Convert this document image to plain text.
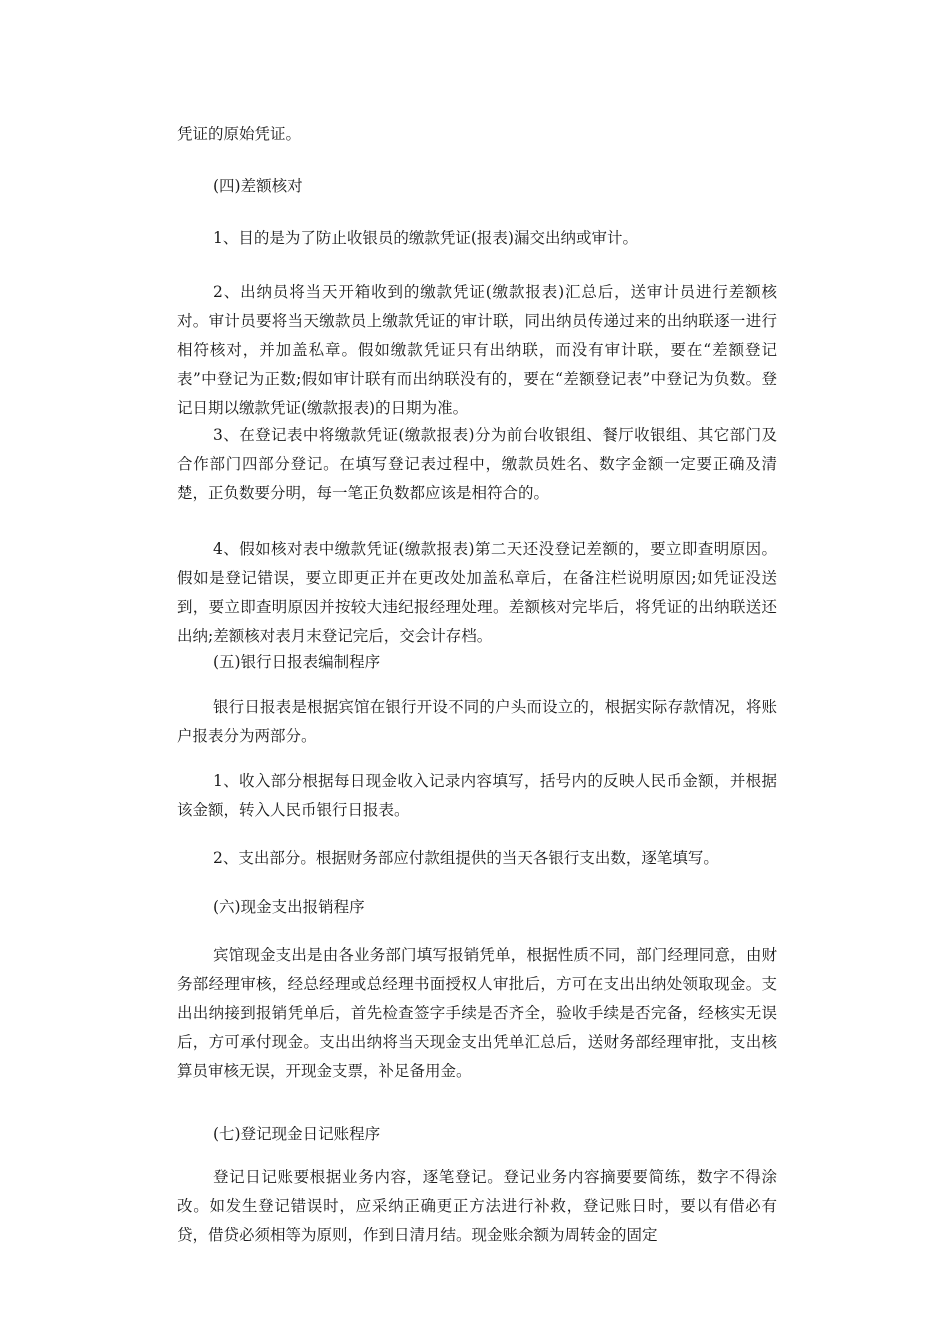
凭证的原始凭证。

(四)差额核对

1、目的是为了防止收银员的缴款凭证(报表)漏交出纳或审计。

2、出纳员将当天开箱收到的缴款凭证(缴款报表)汇总后，送审计员进行差额核对。审计员要将当天缴款员上缴款凭证的审计联，同出纳员传递过来的出纳联逐一进行相符核对，并加盖私章。假如缴款凭证只有出纳联，而没有审计联，要在“差额登记表”中登记为正数;假如审计联有而出纳联没有的，要在“差额登记表”中登记为负数。登记日期以缴款凭证(缴款报表)的日期为准。

3、在登记表中将缴款凭证(缴款报表)分为前台收银组、餐厅收银组、其它部门及合作部门四部分登记。在填写登记表过程中，缴款员姓名、数字金额一定要正确及清楚，正负数要分明，每一笔正负数都应该是相符合的。

4、假如核对表中缴款凭证(缴款报表)第二天还没登记差额的，要立即查明原因。假如是登记错误，要立即更正并在更改处加盖私章后，在备注栏说明原因;如凭证没送到，要立即查明原因并按较大违纪报经理处理。差额核对完毕后，将凭证的出纳联送还出纳;差额核对表月末登记完后，交会计存档。

(五)银行日报表编制程序

银行日报表是根据宾馆在银行开设不同的户头而设立的，根据实际存款情况，将账户报表分为两部分。

1、收入部分根据每日现金收入记录内容填写，括号内的反映人民币金额，并根据该金额，转入人民币银行日报表。

2、支出部分。根据财务部应付款组提供的当天各银行支出数，逐笔填写。

(六)现金支出报销程序

宾馆现金支出是由各业务部门填写报销凭单，根据性质不同，部门经理同意，由财务部经理审核，经总经理或总经理书面授权人审批后，方可在支出出纳处领取现金。支出出纳接到报销凭单后，首先检查签字手续是否齐全，验收手续是否完备，经核实无误后，方可承付现金。支出出纳将当天现金支出凭单汇总后，送财务部经理审批，支出核算员审核无误，开现金支票，补足备用金。

(七)登记现金日记账程序

登记日记账要根据业务内容，逐笔登记。登记业务内容摘要要简练，数字不得涂改。如发生登记错误时，应采纳正确更正方法进行补救，登记账日时，要以有借必有贷，借贷必须相等为原则，作到日清月结。现金账余额为周转金的固定
